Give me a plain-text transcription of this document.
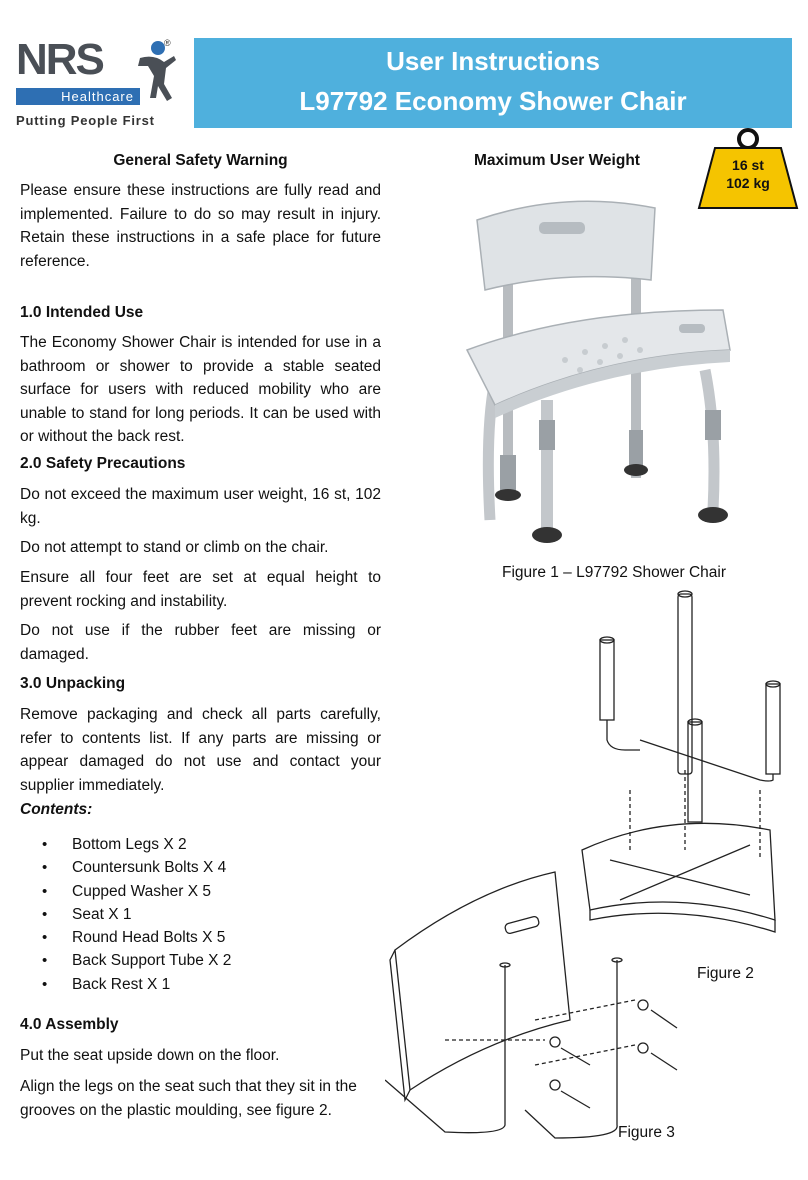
NRS	®
Healthcare
Putting People First
User Instructions
L97792 Economy Shower Chair
General Safety Warning
Please ensure these instructions are fully read and implemented. Failure to do so may result in injury. Retain these instructions in a safe place for future reference.
1.0 Intended Use
The Economy Shower Chair is intended for use in a bathroom or shower to provide a stable seated surface for users with reduced mobility who are unable to stand for long periods. It can be used with or without the back rest.
2.0 Safety Precautions
Do not exceed the maximum user weight, 16 st, 102 kg.
Do not attempt to stand or climb on the chair.
Ensure all four feet are set at equal height to prevent rocking and instability.
Do not use if the rubber feet are missing or damaged.
3.0 Unpacking
Remove packaging and check all parts carefully, refer to contents list. If any parts are missing or appear damaged do not use and contact your supplier immediately.
Contents:
• Bottom Legs X 2
• Countersunk Bolts X 4
• Cupped Washer X 5
• Seat X 1
• Round Head Bolts X 5
• Back Support Tube X 2
• Back Rest X 1
4.0 Assembly
Put the seat upside down on the floor.
Align the legs on the seat such that they sit in the grooves on the plastic moulding, see figure 2.
Maximum User Weight	16 st
102 kg
Figure 1 – L97792 Shower Chair
Figure 2
Figure 3
